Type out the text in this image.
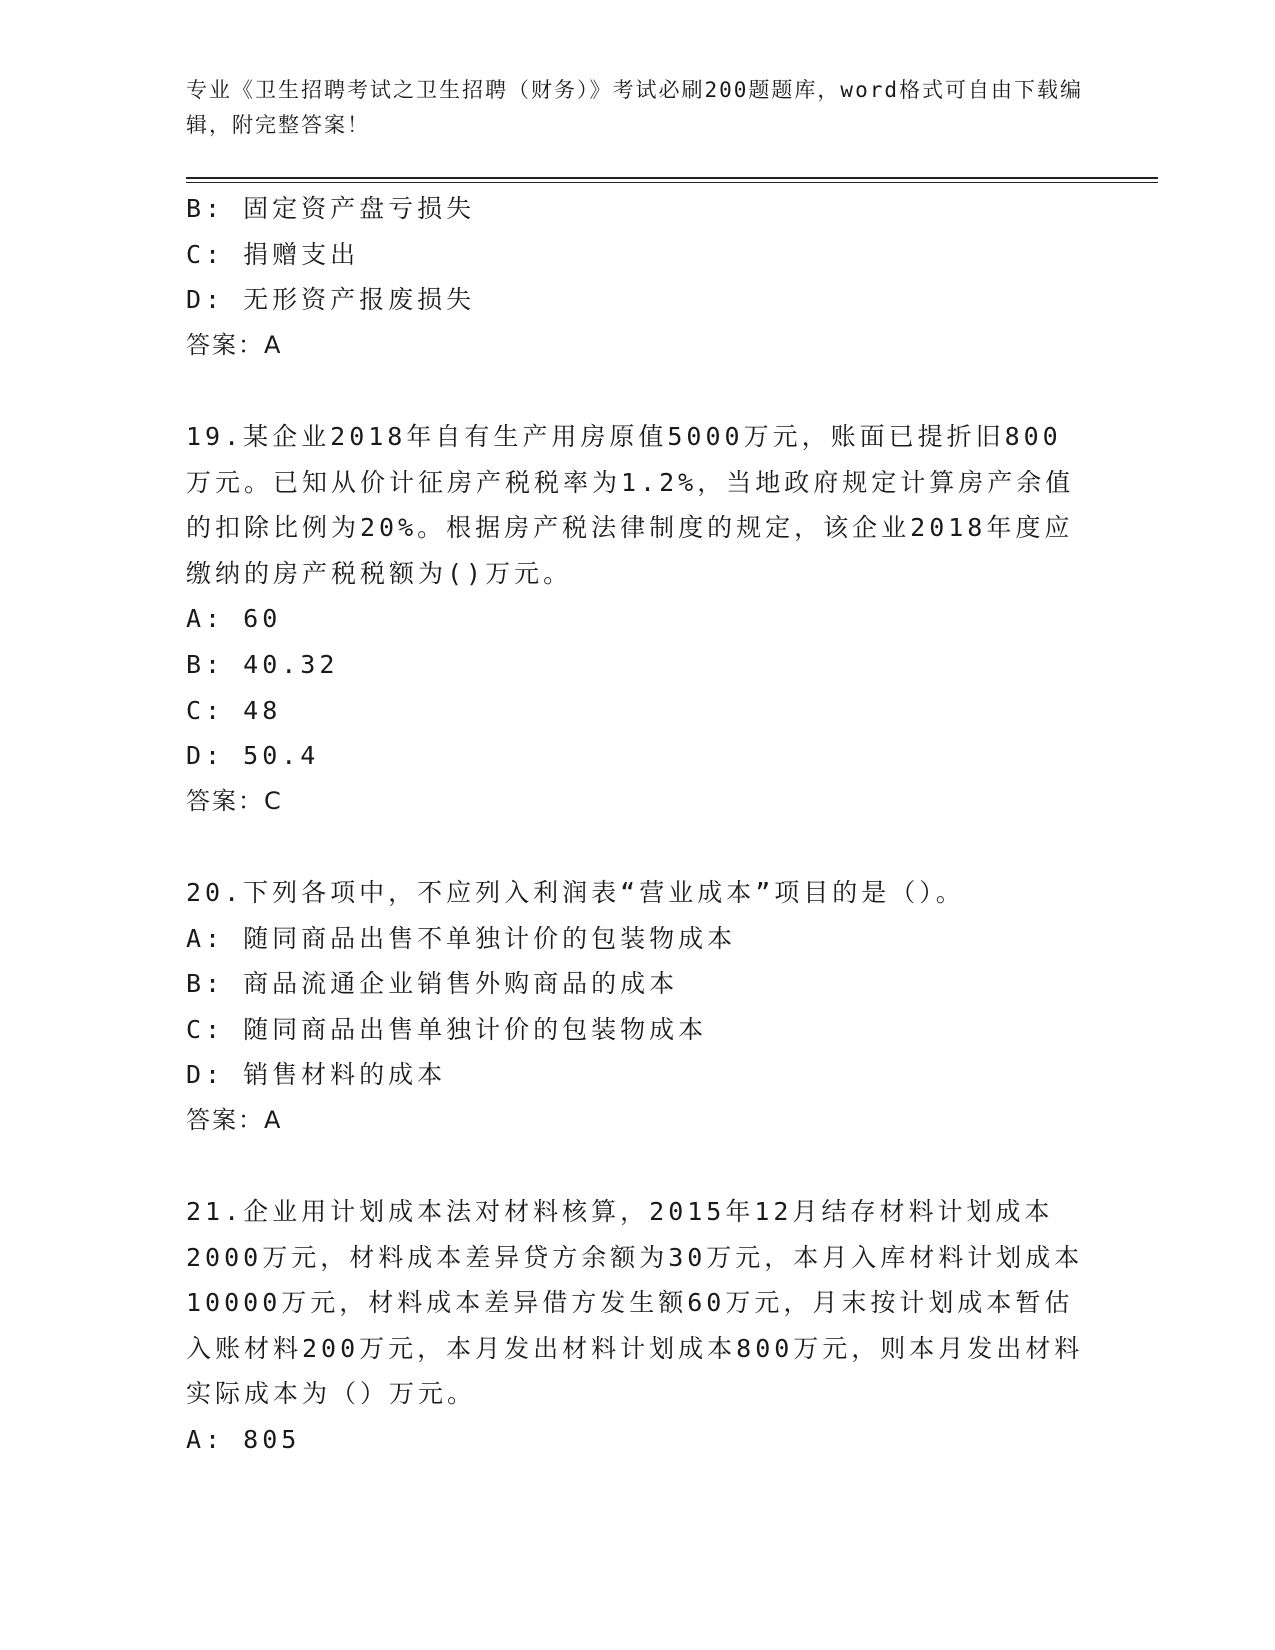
专业《卫生招聘考试之卫生招聘（财务）》考试必刷200题题库，word格式可自由下载编辑，附完整答案！
B: 固定资产盘亏损失
C: 捐赠支出
D: 无形资产报废损失
答案：A
19.某企业2018年自有生产用房原值5000万元，账面已提折旧800万元。已知从价计征房产税税率为1.2%，当地政府规定计算房产余值的扣除比例为20%。根据房产税法律制度的规定，该企业2018年度应缴纳的房产税税额为()万元。
A: 60
B: 40.32
C: 48
D: 50.4
答案：C
20.下列各项中，不应列入利润表“营业成本”项目的是（）。
A: 随同商品出售不单独计价的包装物成本
B: 商品流通企业销售外购商品的成本
C: 随同商品出售单独计价的包装物成本
D: 销售材料的成本
答案：A
21.企业用计划成本法对材料核算，2015年12月结存材料计划成本2000万元，材料成本差异贷方余额为30万元，本月入库材料计划成本10000万元，材料成本差异借方发生额60万元，月末按计划成本暂估入账材料200万元，本月发出材料计划成本800万元，则本月发出材料实际成本为（）万元。
A: 805
